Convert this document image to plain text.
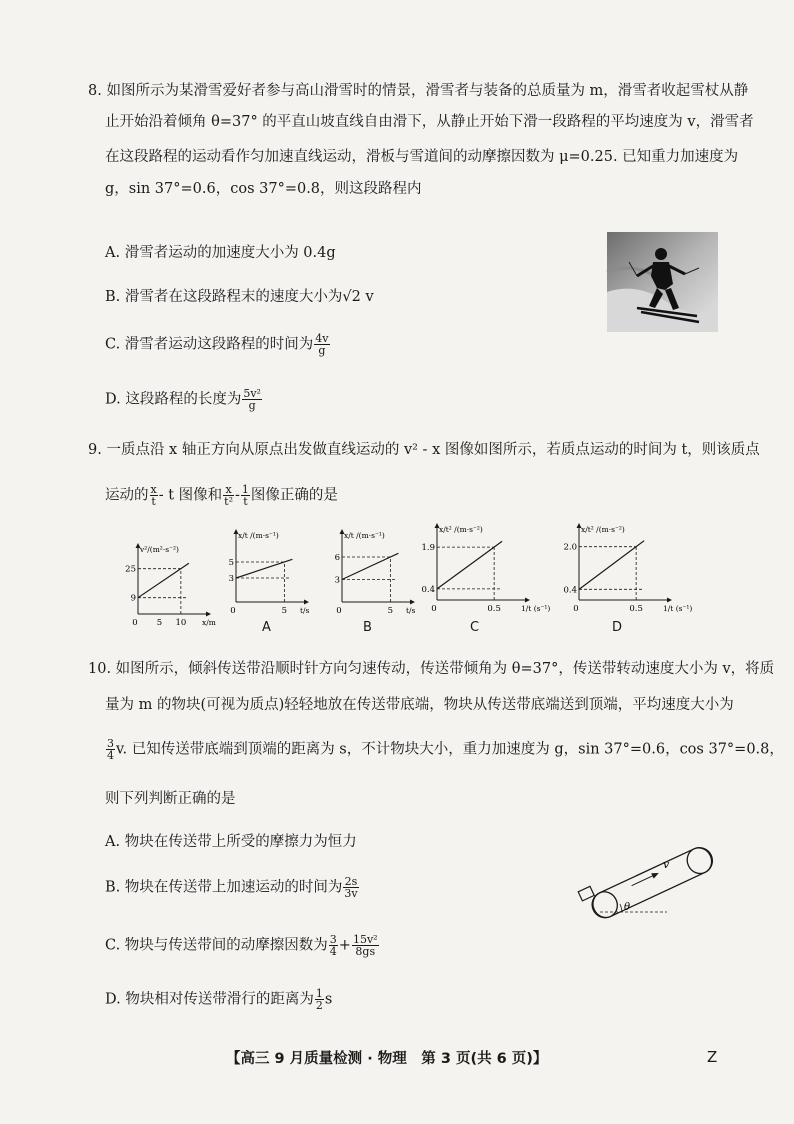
8. 如图所示为某滑雪爱好者参与高山滑雪时的情景，滑雪者与装备的总质量为 m，滑雪者收起雪杖从静
止开始沿着倾角 θ=37° 的平直山坡直线自由滑下，从静止开始下滑一段路程的平均速度为 v，滑雪者
在这段路程的运动看作匀加速直线运动，滑板与雪道间的动摩擦因数为 μ=0.25. 已知重力加速度为
g，sin 37°=0.6，cos 37°=0.8，则这段路程内
A. 滑雪者运动的加速度大小为 0.4g
B. 滑雪者在这段路程末的速度大小为√2 v
C. 滑雪者运动这段路程的时间为 $\frac{4v}{g}$
D. 这段路程的长度为 $\frac{\text{5v²}}{g}$
9. 一质点沿 x 轴正方向从原点出发做直线运动的 v² - x 图像如图所示，若质点运动的时间为 t，则该质点
运动的 $\frac{x}{t}$ - t 图像和 $\frac{x}{\text{t²}} - \frac{1}{t}$ 图像正确的是
9
25
0 5 10
v²/(m²·s⁻²)
x/m
3
5
0	5
x/t /(m·s⁻¹)
t/s
3
6
0	5
x/t /(m·s⁻¹)
t/s
0.4
1.9
0	0.5
x/t² /(m·s⁻²)
1/t (s⁻¹)
0.4
2.0
0	0.5
x/t² /(m·s⁻²)
1/t (s⁻¹)
A	B	C	D
10. 如图所示，倾斜传送带沿顺时针方向匀速传动，传送带倾角为 θ=37°，传送带转动速度大小为 v，将质
量为 m 的物块(可视为质点)轻轻地放在传送带底端，物块从传送带底端送到顶端，平均速度大小为
$\frac{3}{4} v$. 已知传送带底端到顶端的距离为 s，不计物块大小，重力加速度为 g，sin 37°=0.6，cos 37°=0.8，
则下列判断正确的是
A. 物块在传送带上所受的摩擦力为恒力
B. 物块在传送带上加速运动的时间为 $\frac{2s}{3v}$
C. 物块与传送带间的动摩擦因数为 $\frac{3}{4} + \frac{\text{15v²}}{8gs}$
D. 物块相对传送带滑行的距离为 $\frac{1}{2}$ s
θ
v
【高三 9 月质量检测 · 物理　第 3 页(共 6 页)】	Z
